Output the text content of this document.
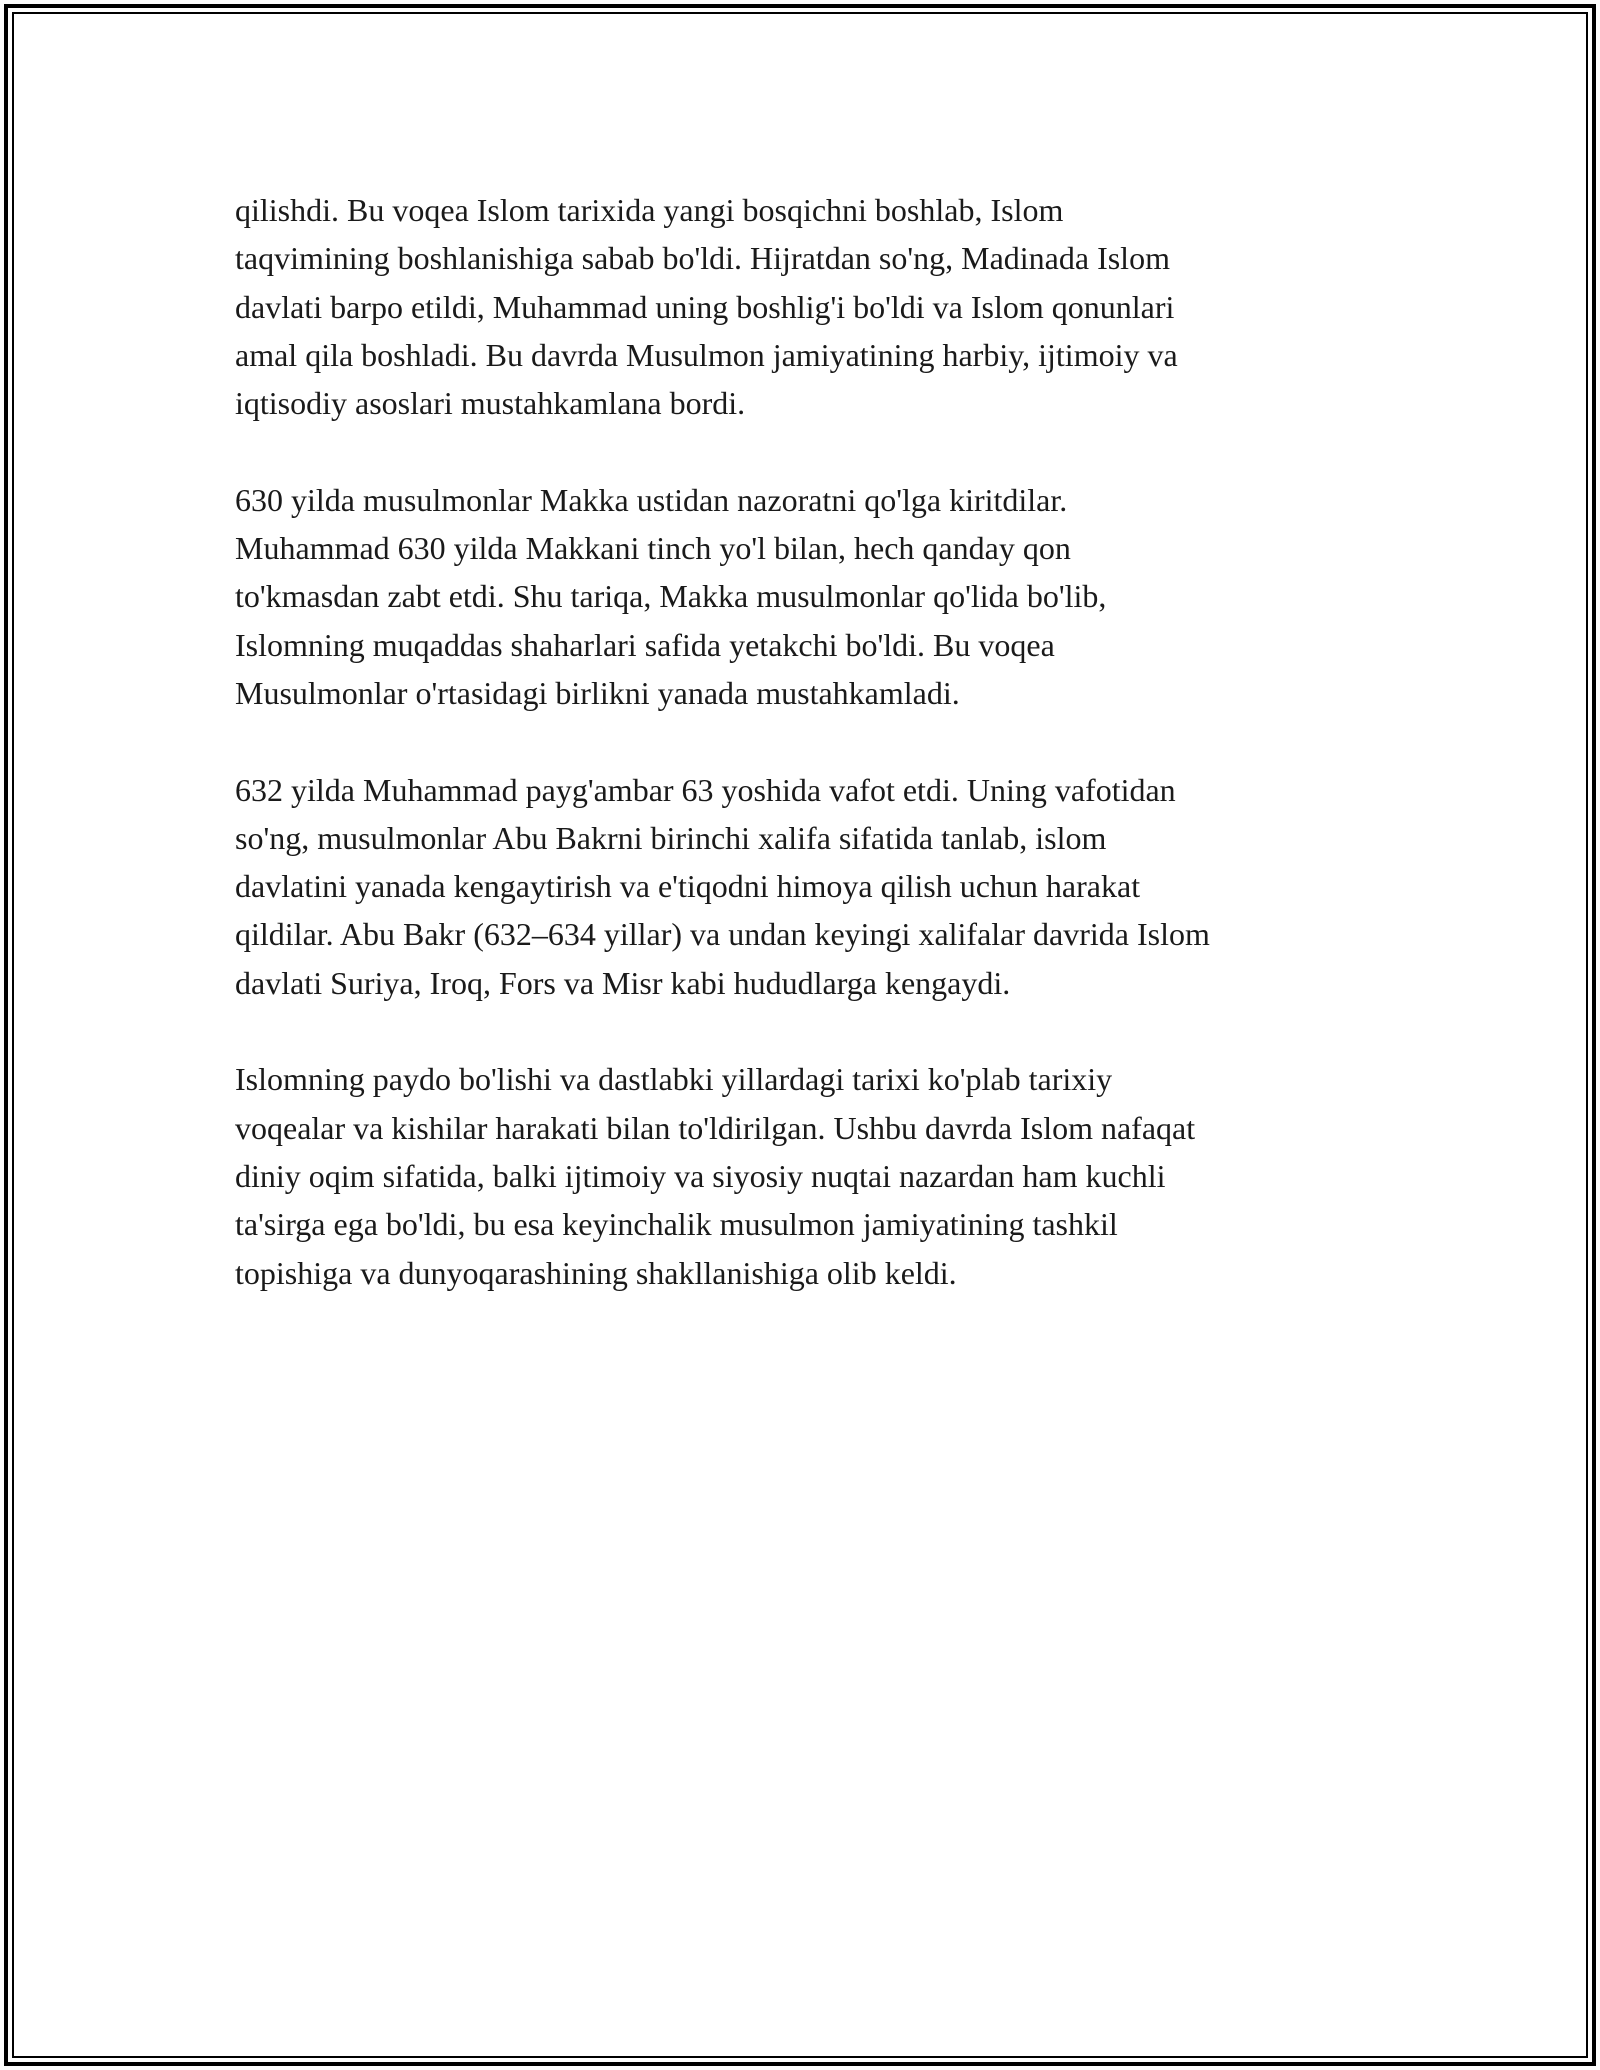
qilishdi. Bu voqea Islom tarixida yangi bosqichni boshlab, Islom
taqvimining boshlanishiga sabab bo'ldi. Hijratdan so'ng, Madinada Islom
davlati barpo etildi, Muhammad uning boshlig'i bo'ldi va Islom qonunlari
amal qila boshladi. Bu davrda Musulmon jamiyatining harbiy, ijtimoiy va
iqtisodiy asoslari mustahkamlana bordi.

630 yilda musulmonlar Makka ustidan nazoratni qo'lga kiritdilar.
Muhammad 630 yilda Makkani tinch yo'l bilan, hech qanday qon
to'kmasdan zabt etdi. Shu tariqa, Makka musulmonlar qo'lida bo'lib,
Islomning muqaddas shaharlari safida yetakchi bo'ldi. Bu voqea
Musulmonlar o'rtasidagi birlikni yanada mustahkamladi.

632 yilda Muhammad payg'ambar 63 yoshida vafot etdi. Uning vafotidan
so'ng, musulmonlar Abu Bakrni birinchi xalifa sifatida tanlab, islom
davlatini yanada kengaytirish va e'tiqodni himoya qilish uchun harakat
qildilar. Abu Bakr (632–634 yillar) va undan keyingi xalifalar davrida Islom
davlati Suriya, Iroq, Fors va Misr kabi hududlarga kengaydi.

Islomning paydo bo'lishi va dastlabki yillardagi tarixi ko'plab tarixiy
voqealar va kishilar harakati bilan to'ldirilgan. Ushbu davrda Islom nafaqat
diniy oqim sifatida, balki ijtimoiy va siyosiy nuqtai nazardan ham kuchli
ta'sirga ega bo'ldi, bu esa keyinchalik musulmon jamiyatining tashkil
topishiga va dunyoqarashining shakllanishiga olib keldi.
